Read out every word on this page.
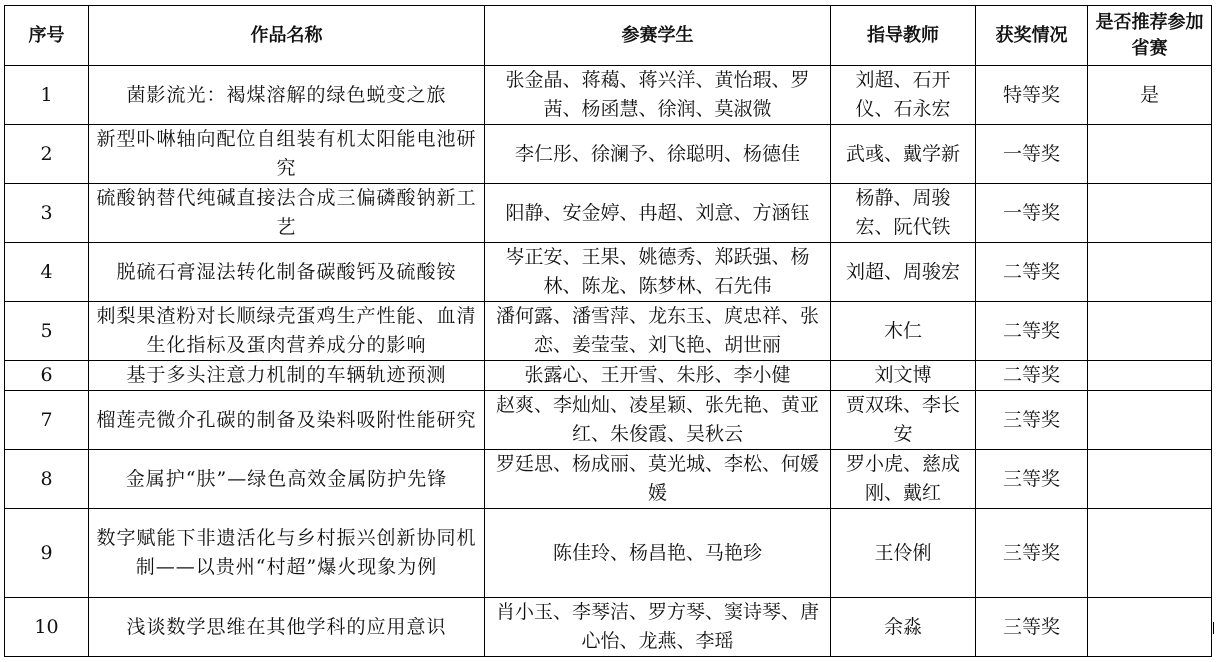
序号	作品名称	参赛学生	指导教师	获奖情况	是否推荐参加省赛
1	菌影流光：褐煤溶解的绿色蜕变之旅	张金晶、蒋藒、蒋兴洋、黄怡瑕、罗茜、杨函慧、徐润、莫淑微	刘超、石开仪、石永宏	特等奖	是
2	新型卟啉轴向配位自组装有机太阳能电池研究	李仁彤、徐澜予、徐聪明、杨德佳	武彧、戴学新	一等奖	
3	硫酸钠替代纯碱直接法合成三偏磷酸钠新工艺	阳静、安金婷、冉超、刘意、方涵钰	杨静、周骏宏、阮代铁	一等奖	
4	脱硫石膏湿法转化制备碳酸钙及硫酸铵	岑正安、王果、姚德秀、郑跃强、杨林、陈龙、陈梦林、石先伟	刘超、周骏宏	二等奖	
5	刺梨果渣粉对长顺绿壳蛋鸡生产性能、血清生化指标及蛋肉营养成分的影响	潘何露、潘雪萍、龙东玉、庹忠祥、张恋、姜莹莹、刘飞艳、胡世丽	木仁	二等奖	
6	基于多头注意力机制的车辆轨迹预测	张露心、王开雪、朱彤、李小健	刘文博	二等奖	
7	榴莲壳微介孔碳的制备及染料吸附性能研究	赵爽、李灿灿、凌星颖、张先艳、黄亚红、朱俊霞、吴秋云	贾双珠、李长安	三等奖	
8	金属护“肤”—绿色高效金属防护先锋	罗廷思、杨成丽、莫光城、李松、何媛媛	罗小虎、慈成刚、戴红	三等奖	
9	数字赋能下非遗活化与乡村振兴创新协同机制——以贵州“村超”爆火现象为例	陈佳玲、杨昌艳、马艳珍	王伶俐	三等奖	
10	浅谈数学思维在其他学科的应用意识	肖小玉、李琴洁、罗方琴、窦诗琴、唐心怡、龙燕、李瑶	余淼	三等奖	
